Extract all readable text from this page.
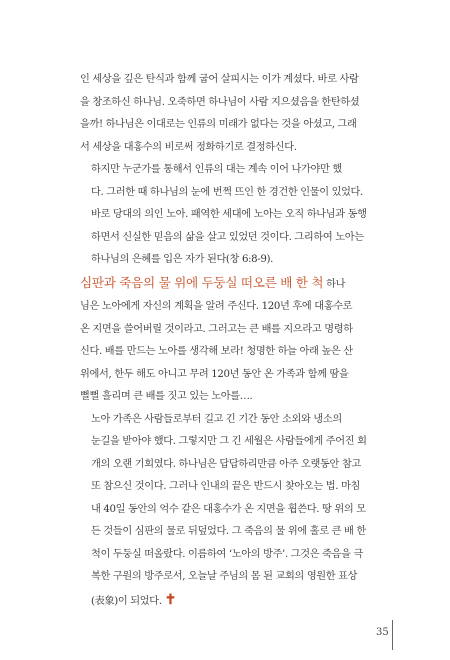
인 세상을 깊은 탄식과 함께 굽어 살피시는 이가 계셨다. 바로 사람
을 창조하신 하나님. 오죽하면 하나님이 사람 지으셨음을 한탄하셨
을까! 하나님은 이대로는 인류의 미래가 없다는 것을 아셨고, 그래
서 세상을 대홍수의 비로써 정화하기로 결정하신다.

하지만 누군가를 통해서 인류의 대는 계속 이어 나가야만 했
다. 그러한 때 하나님의 눈에 번쩍 뜨인 한 경건한 인물이 있었다.
바로 당대의 의인 노아. 패역한 세대에 노아는 오직 하나님과 동행
하면서 신실한 믿음의 삶을 살고 있었던 것이다. 그리하여 노아는
하나님의 은혜를 입은 자가 된다(창 6:8-9).

심판과 죽음의 물 위에 두둥실 떠오른 배 한 척 하나
님은 노아에게 자신의 계획을 알려 주신다. 120년 후에 대홍수로
온 지면을 쓸어버릴 것이라고. 그러고는 큰 배를 지으라고 명령하
신다. 배를 만드는 노아를 생각해 보라! 청명한 하늘 아래 높은 산
위에서, 한두 해도 아니고 무려 120년 동안 온 가족과 함께 땀을
뻘뻘 흘리며 큰 배를 짓고 있는 노아를….

노아 가족은 사람들로부터 길고 긴 기간 동안 소외와 냉소의
눈길을 받아야 했다. 그렇지만 그 긴 세월은 사람들에게 주어진 회
개의 오랜 기회였다. 하나님은 답답하리만큼 아주 오랫동안 참고
또 참으신 것이다. 그러나 인내의 끝은 반드시 찾아오는 법. 마침
내 40일 동안의 억수 같은 대홍수가 온 지면을 휩쓴다. 땅 위의 모
든 것들이 심판의 물로 뒤덮었다. 그 죽음의 물 위에 홀로 큰 배 한
척이 두둥실 떠올랐다. 이름하여 ‘노아의 방주’. 그것은 죽음을 극
복한 구원의 방주로서, 오늘날 주님의 몸 된 교회의 영원한 표상
(表象)이 되었다. ✝

35
